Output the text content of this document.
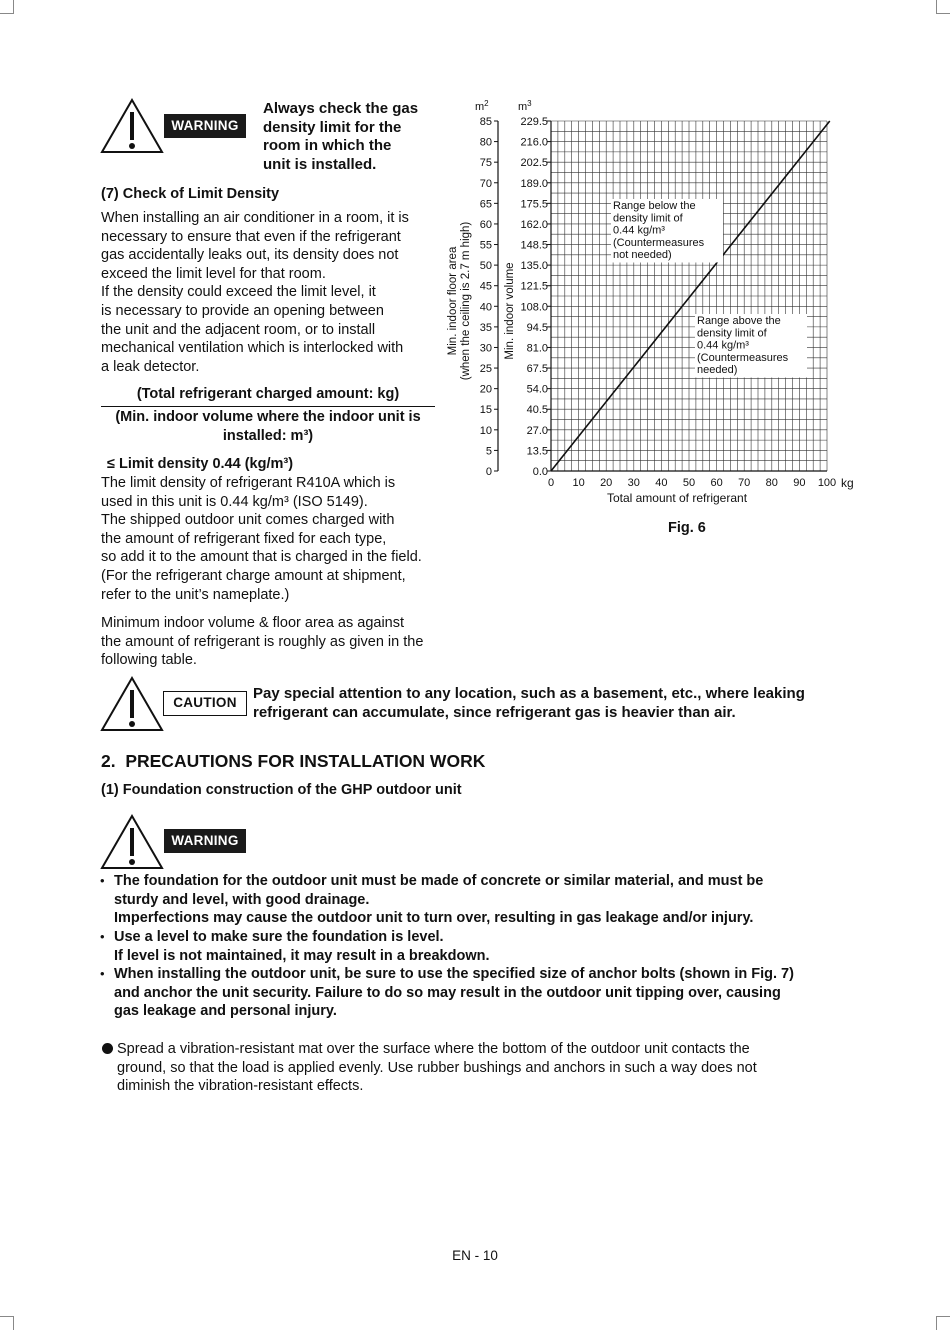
WARNING
Always check the gas
density limit for the
room in which the
unit is installed.
(7) Check of Limit Density
When installing an air conditioner in a room, it is
necessary to ensure that even if the refrigerant
gas accidentally leaks out, its density does not
exceed the limit level for that room.
If the density could exceed the limit level, it
is necessary to provide an opening between
the unit and the adjacent room, or to install
mechanical ventilation which is interlocked with
a leak detector.
(Total refrigerant charged amount: kg)
(Min. indoor volume where the indoor unit is
installed: m³)
≤ Limit density 0.44 (kg/m³)
The limit density of refrigerant R410A which is
used in this unit is 0.44 kg/m³ (ISO 5149).
The shipped outdoor unit comes charged with
the amount of refrigerant fixed for each type,
so add it to the amount that is charged in the field.
(For the refrigerant charge amount at shipment,
refer to the unit’s nameplate.)
Minimum indoor volume & floor area as against
the amount of refrigerant is roughly as given in the
following table.
0
5
10
15
20
25
30
35
40
45
50
55
60
65
70
75
80
85
0.0
13.5
27.0
40.5
54.0
67.5
81.0
94.5
108.0
121.5
135.0
148.5
162.0
175.5
189.0
202.5
216.0
229.5
0 10 20 30 40 50 60 70 80 90 100 kg
$m^2$	$m^3$
Total amount of refrigerant
Min. indoor floor area (when the ceiling is 2.7 m high)	Min. indoor volume
Range below the
density limit of
0.44 kg/m³
(Countermeasures
not needed)
Range above the
density limit of
0.44 kg/m³
(Countermeasures
needed)
Fig. 6
CAUTION
Pay special attention to any location, such as a basement, etc., where leaking
refrigerant can accumulate, since refrigerant gas is heavier than air.
2.  PRECAUTIONS FOR INSTALLATION WORK
(1) Foundation construction of the GHP outdoor unit
WARNING
• The foundation for the outdoor unit must be made of concrete or similar material, and must be
sturdy and level, with good drainage.
Imperfections may cause the outdoor unit to turn over, resulting in gas leakage and/or injury.
• Use a level to make sure the foundation is level.
If level is not maintained, it may result in a breakdown.
• When installing the outdoor unit, be sure to use the specified size of anchor bolts (shown in Fig. 7)
and anchor the unit security. Failure to do so may result in the outdoor unit tipping over, causing
gas leakage and personal injury.
Spread a vibration-resistant mat over the surface where the bottom of the outdoor unit contacts the
ground, so that the load is applied evenly. Use rubber bushings and anchors in such a way does not
diminish the vibration-resistant effects.
EN - 10
